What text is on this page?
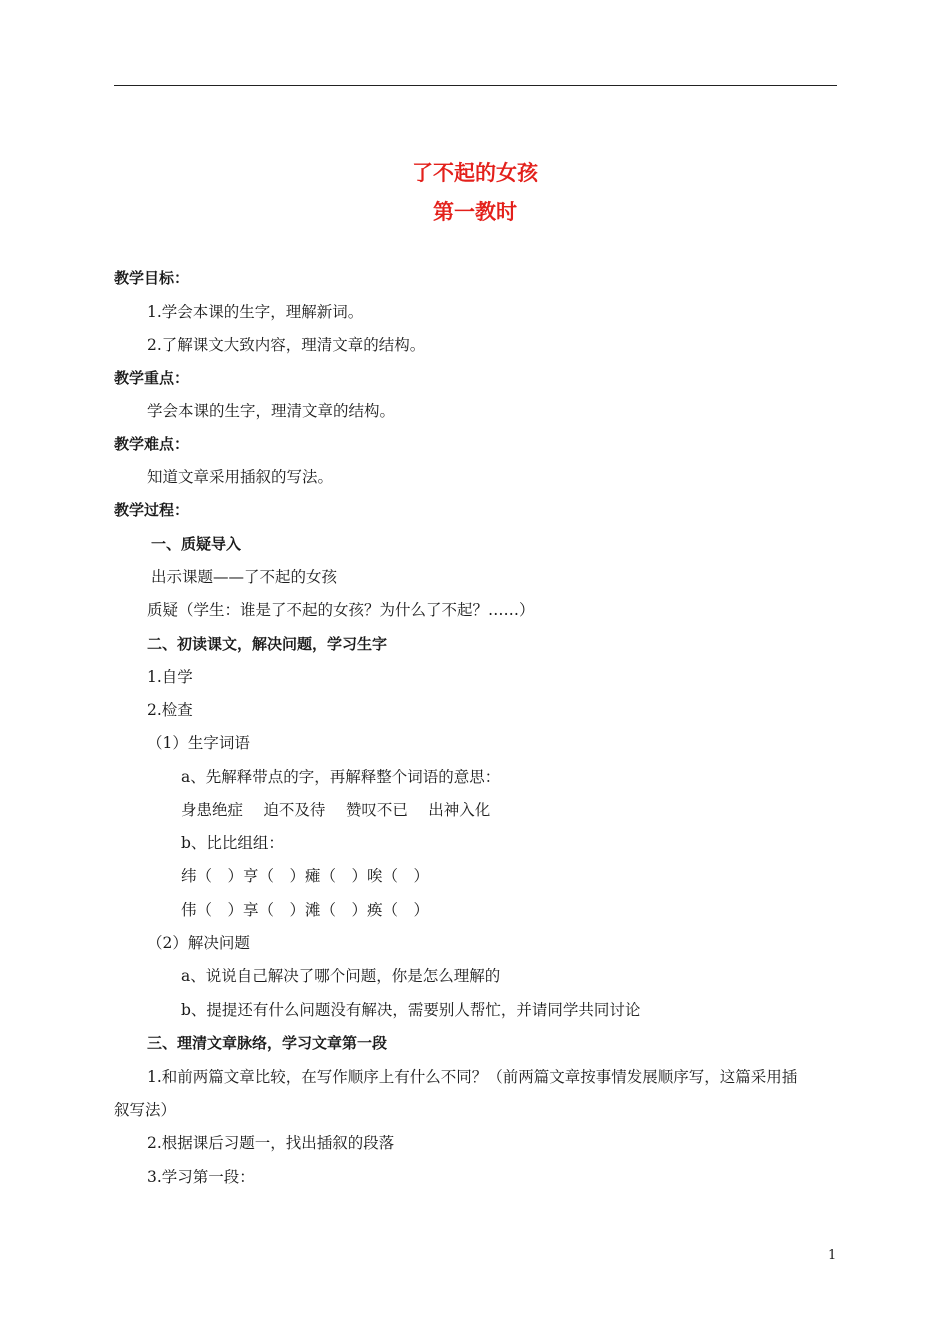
了不起的女孩
第一教时
教学目标：
1.学会本课的生字，理解新词。
2.了解课文大致内容，理清文章的结构。
教学重点：
学会本课的生字，理清文章的结构。
教学难点：
知道文章采用插叙的写法。
教学过程：
一、质疑导入
出示课题——了不起的女孩
质疑（学生：谁是了不起的女孩？为什么了不起？……）
二、初读课文，解决问题，学习生字
1.自学
2.检查
（1）生字词语
a、先解释带点的字，再解释整个词语的意思：
身患绝症　 迫不及待　 赞叹不已　 出神入化
b、比比组组：
纬（　）亨（　）瘫（　）唉（　）
伟（　）享（　）滩（　）痪（　）
（2）解决问题
a、说说自己解决了哪个问题，你是怎么理解的
b、提提还有什么问题没有解决，需要别人帮忙，并请同学共同讨论
三、理清文章脉络，学习文章第一段
1.和前两篇文章比较，在写作顺序上有什么不同？（前两篇文章按事情发展顺序写，这篇采用插
叙写法）
2.根据课后习题一，找出插叙的段落
3.学习第一段：
1
